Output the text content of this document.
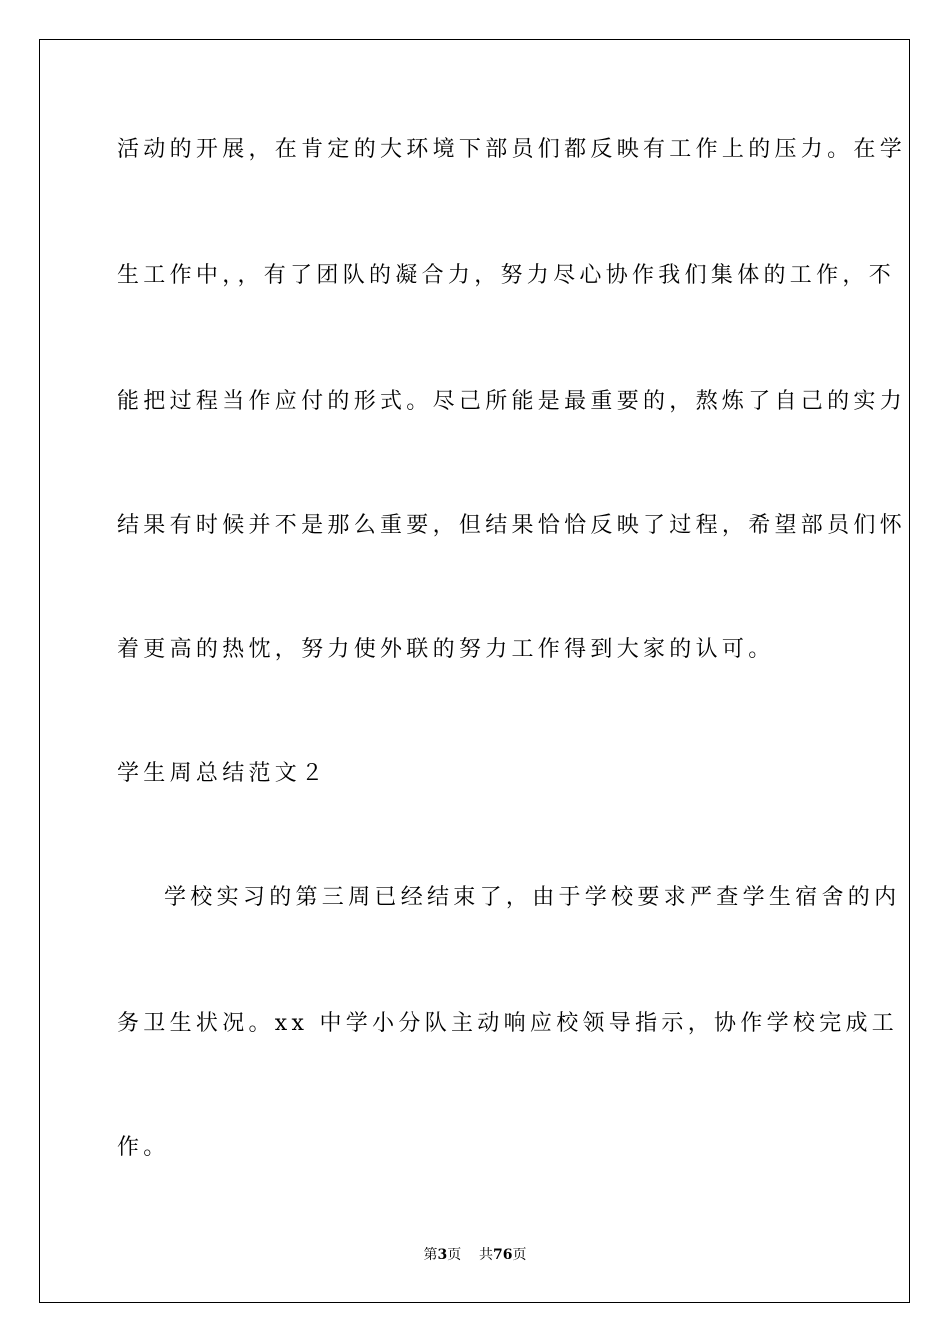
活动的开展，在肯定的大环境下部员们都反映有工作上的压力。在学
生工作中，，有了团队的凝合力，努力尽心协作我们集体的工作，不
能把过程当作应付的形式。尽己所能是最重要的，熬炼了自己的实力
结果有时候并不是那么重要，但结果恰恰反映了过程，希望部员们怀
着更高的热忱，努力使外联的努力工作得到大家的认可。
学生周总结范文２
学校实习的第三周已经结束了，由于学校要求严查学生宿舍的内
务卫生状况。xx 中学小分队主动响应校领导指示，协作学校完成工
作。
第3页 共76页
